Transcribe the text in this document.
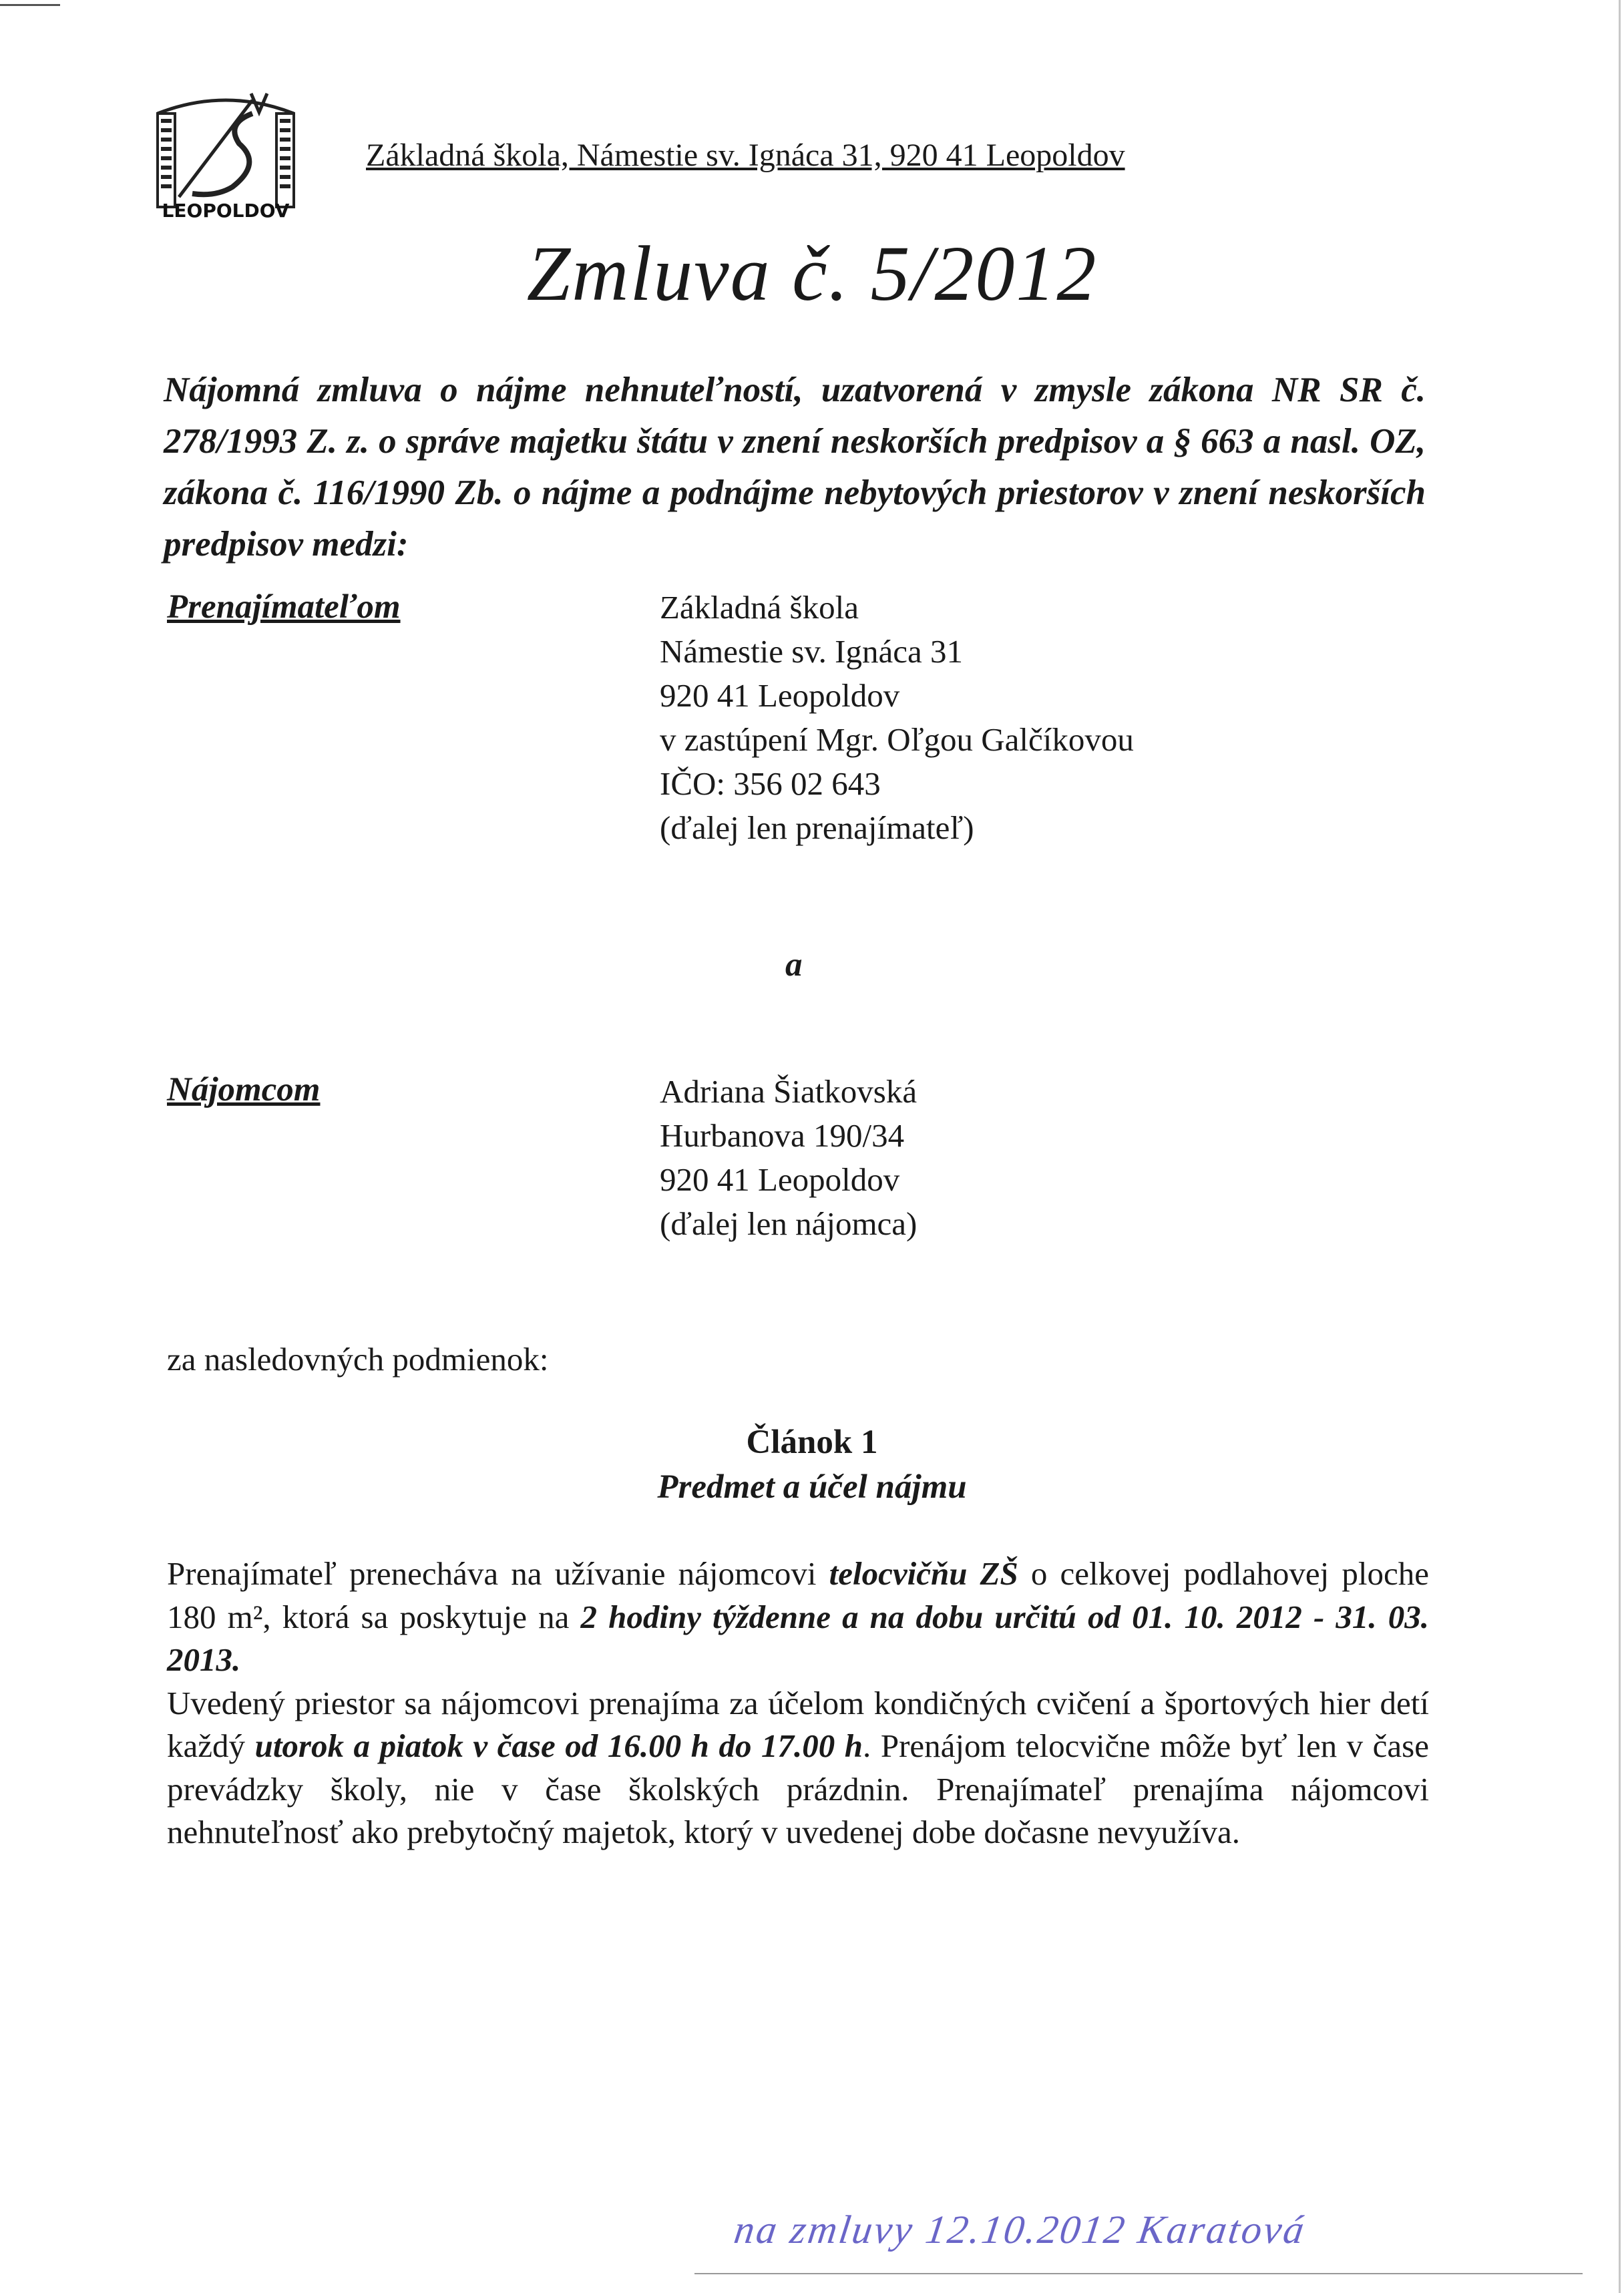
LEOPOLDOV
Základná škola, Námestie sv. Ignáca 31, 920 41 Leopoldov
Zmluva č. 5/2012
Nájomná zmluva o nájme nehnuteľností, uzatvorená v zmysle zákona NR SR č. 278/1993 Z. z. o správe majetku štátu v znení neskorších predpisov a § 663 a nasl. OZ, zákona č. 116/1990 Zb. o nájme a podnájme nebytových priestorov v znení neskorších predpisov medzi:
Prenajímateľom	Základná škola
Námestie sv. Ignáca 31
920 41 Leopoldov
v zastúpení Mgr. Oľgou Galčíkovou
IČO: 356 02 643
(ďalej len prenajímateľ)
a
Nájomcom	Adriana Šiatkovská
Hurbanova 190/34
920 41 Leopoldov
(ďalej len nájomca)
za nasledovných podmienok:
Článok 1
Predmet a účel nájmu

Prenajímateľ prenecháva na užívanie nájomcovi telocvičňu ZŠ o celkovej podlahovej ploche 180 m², ktorá sa poskytuje na 2 hodiny týždenne a na dobu určitú od 01. 10. 2012 - 31. 03. 2013.

Uvedený priestor sa nájomcovi prenajíma za účelom kondičných cvičení a športových hier detí každý utorok a piatok v čase od 16.00 h do 17.00 h. Prenájom telocvične môže byť len v čase prevádzky školy, nie v čase školských prázdnin. Prenajímateľ prenajíma nájomcovi nehnuteľnosť ako prebytočný majetok, ktorý v uvedenej dobe dočasne nevyužíva.

na zmluvy 12.10.2012 Karatová
